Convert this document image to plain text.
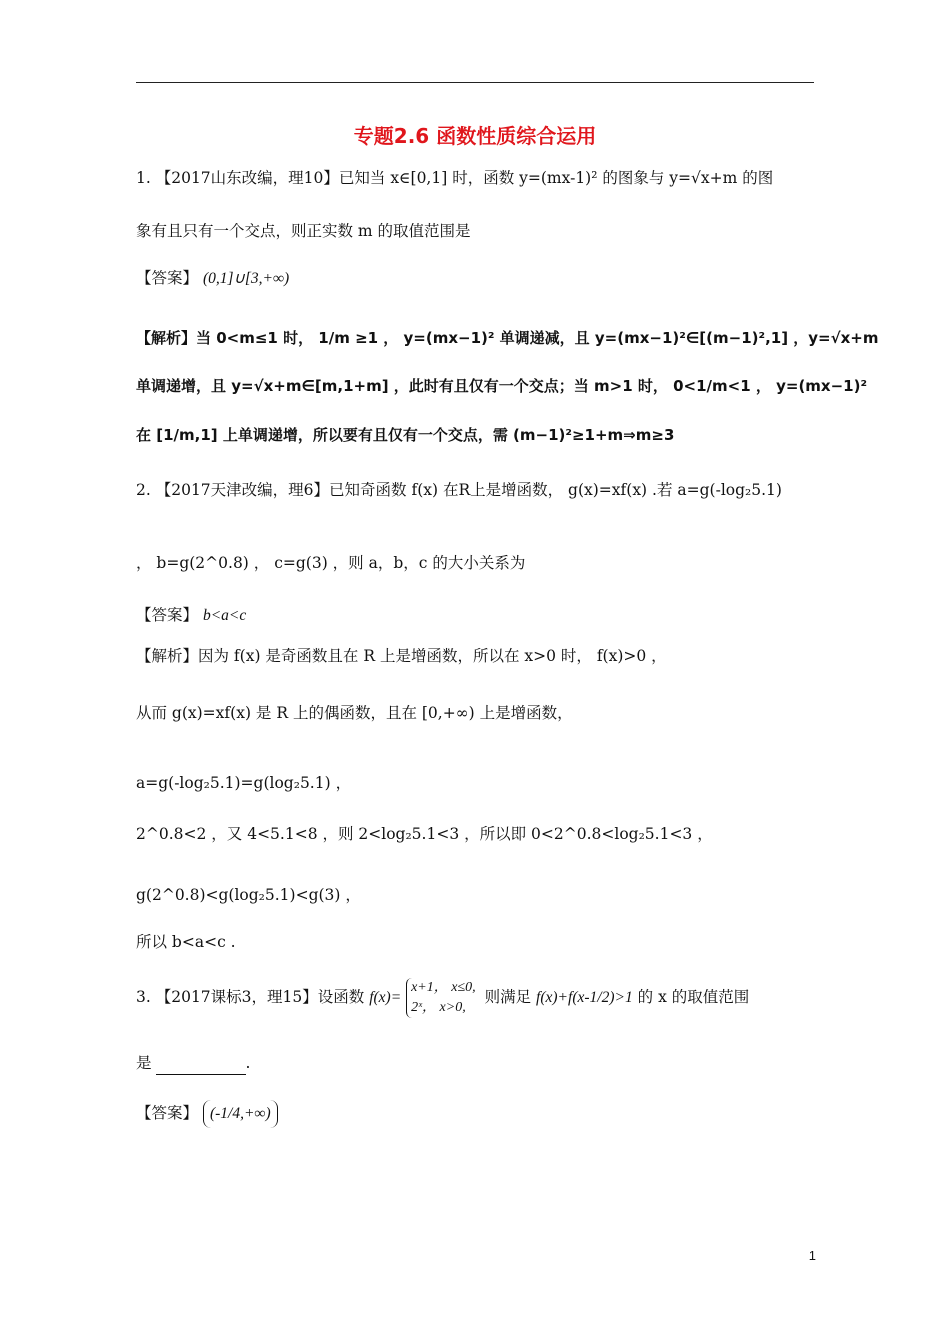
专题2.6 函数性质综合运用
1. 【2017山东改编，理10】已知当 x∈[0,1] 时，函数 y=(mx-1)² 的图象与 y=√x+m 的图
象有且只有一个交点，则正实数 m 的取值范围是
【答案】 (0,1]∪[3,+∞)
【解析】当 0<m≤1 时， 1/m ≥1 ， y=(mx−1)² 单调递减，且 y=(mx−1)²∈[(m−1)²,1] ，y=√x+m
单调递增，且 y=√x+m∈[m,1+m] ，此时有且仅有一个交点；当 m>1 时， 0<1/m<1 ， y=(mx−1)²
在 [1/m,1] 上单调递增，所以要有且仅有一个交点，需 (m−1)²≥1+m⇒m≥3
2. 【2017天津改编，理6】已知奇函数 f(x) 在R上是增函数， g(x)=xf(x) .若 a=g(-log₂5.1)
， b=g(2^0.8) ， c=g(3) ，则 a，b，c 的大小关系为
【答案】 b<a<c
【解析】因为 f(x) 是奇函数且在 R 上是增函数，所以在 x>0 时， f(x)>0 ，
从而 g(x)=xf(x) 是 R 上的偶函数，且在 [0,+∞) 上是增函数，
a=g(-log₂5.1)=g(log₂5.1) ，
2^0.8<2 ，又 4<5.1<8 ，则 2<log₂5.1<3 ，所以即 0<2^0.8<log₂5.1<3 ，
g(2^0.8)<g(log₂5.1)<g(3) ，
所以 b<a<c .
3. 【2017课标3，理15】设函数 f(x)=
x+1， x≤0,
2ˣ， x>0,
则满足 f(x)+f(x-1/2)>1 的 x 的取值范围
是	.
【答案】 (-1/4,+∞)
1
